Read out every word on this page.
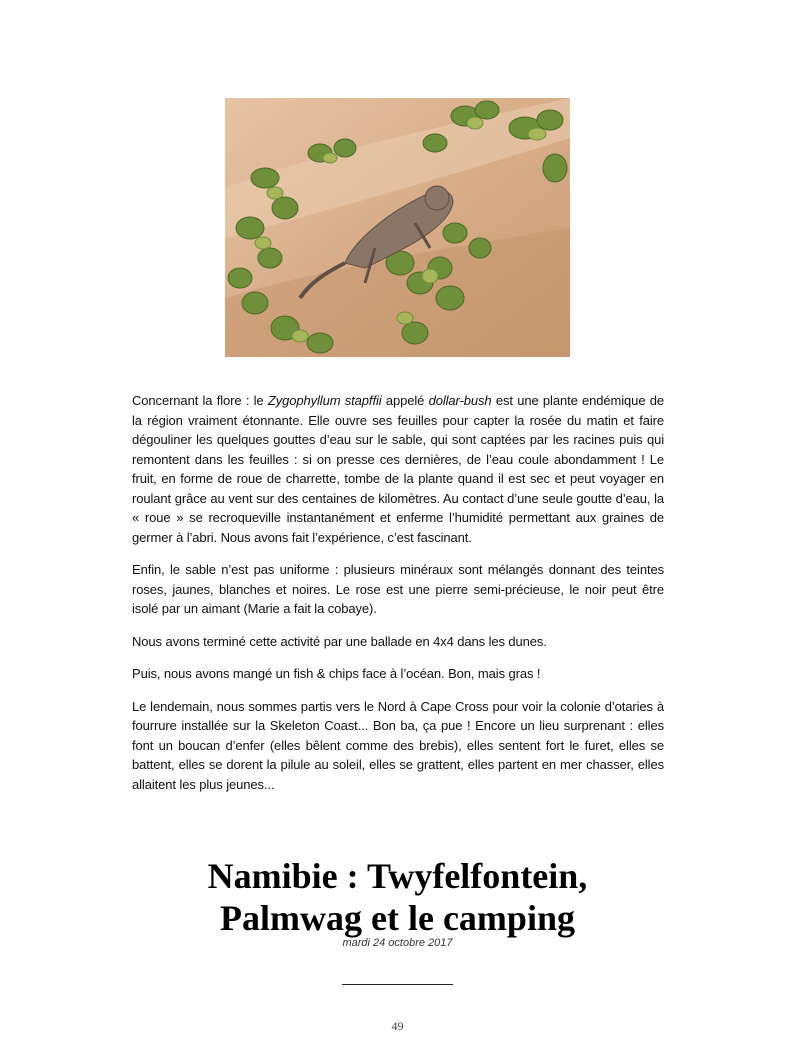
Concernant la flore : le Zygophyllum stapffii appelé dollar-bush est une plante endémique de la région vraiment étonnante. Elle ouvre ses feuilles pour capter la rosée du matin et faire dégouliner les quelques gouttes d’eau sur le sable, qui sont captées par les racines puis qui remontent dans les feuilles : si on presse ces dernières, de l’eau coule abondamment ! Le fruit, en forme de roue de charrette, tombe de la plante quand il est sec et peut voyager en roulant grâce au vent sur des centaines de kilomètres. Au contact d’une seule goutte d’eau, la « roue » se recroqueville instantanément et enferme l’humidité permettant aux graines de germer à l’abri. Nous avons fait l’expérience, c’est fascinant.

Enfin, le sable n’est pas uniforme : plusieurs minéraux sont mélangés donnant des teintes roses, jaunes, blanches et noires. Le rose est une pierre semi-précieuse, le noir peut être isolé par un aimant (Marie a fait la cobaye).

Nous avons terminé cette activité par une ballade en 4x4 dans les dunes.

Puis, nous avons mangé un fish & chips face à l’océan. Bon, mais gras !

Le lendemain, nous sommes partis vers le Nord à Cape Cross pour voir la colonie d’otaries à fourrure installée sur la Skeleton Coast... Bon ba, ça pue ! Encore un lieu surprenant : elles font un boucan d’enfer (elles bêlent comme des brebis), elles sentent fort le furet, elles se battent, elles se dorent la pilule au soleil, elles se grattent, elles partent en mer chasser, elles allaitent les plus jeunes...

Namibie : Twyfelfontein,
Palmwag et le camping
mardi 24 octobre 2017
49
